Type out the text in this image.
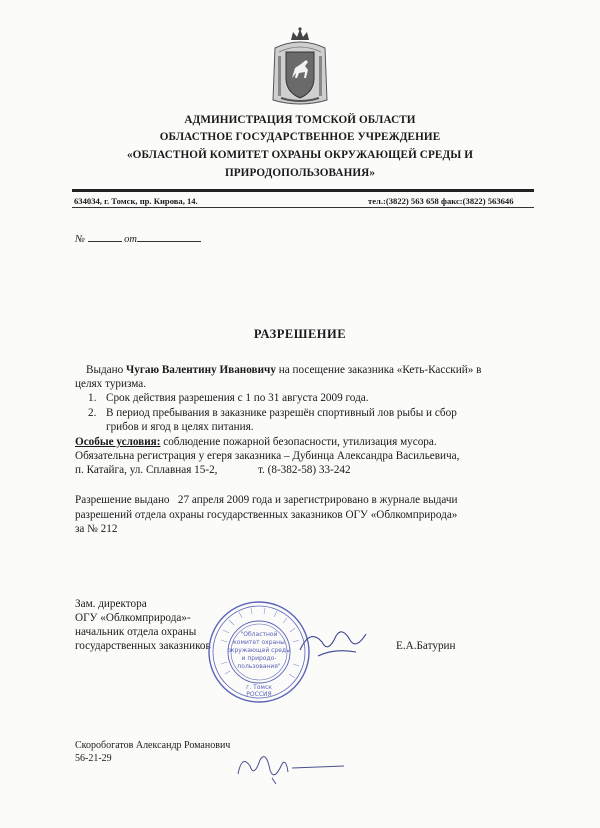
АДМИНИСТРАЦИЯ ТОМСКОЙ ОБЛАСТИ
ОБЛАСТНОЕ ГОСУДАРСТВЕННОЕ УЧРЕЖДЕНИЕ
«ОБЛАСТНОЙ КОМИТЕТ ОХРАНЫ ОКРУЖАЮЩЕЙ СРЕДЫ И
ПРИРОДОПОЛЬЗОВАНИЯ»
634034, г. Томск, пр. Кирова, 14.	тел.:(3822) 563 658 факс:(3822) 563646
№	от
РАЗРЕШЕНИЕ
Выдано Чугаю Валентину Ивановичу на посещение заказника «Кеть-Касский» в
целях туризма.
1. Срок действия разрешения с 1 по 31 августа 2009 года.
2. В период пребывания в заказнике разрешён спортивный лов рыбы и сбор
грибов и ягод в целях питания.
Особые условия: соблюдение пожарной безопасности, утилизация мусора.
Обязательна регистрация у егеря заказника – Дубинца Александра Васильевича,
п. Катайга, ул. Сплавная 15-2,	т. (8-382-58) 33-242
Разрешение выдано   27 апреля 2009 года и зарегистрировано в журнале выдачи
разрешений отдела охраны государственных заказников ОГУ «Облкомприрода»
за № 212
Зам. директора
ОГУ «Облкомприрода»-
начальник отдела охраны
государственных заказников	Е.А.Батурин
"Областной
комитет охраны
окружающей среды
и природо-
пользования"
г. Томск
РОССИЯ
Скоробогатов Александр Романович
56-21-29
